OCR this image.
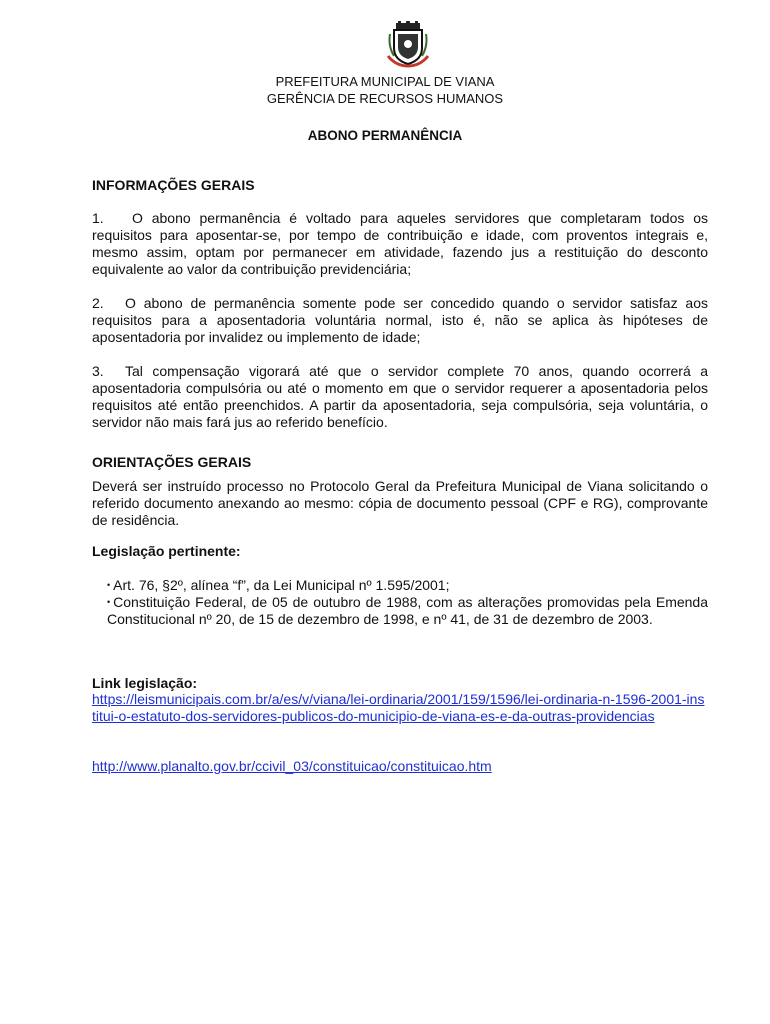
PREFEITURA MUNICIPAL DE VIANA
GERÊNCIA DE RECURSOS HUMANOS
ABONO PERMANÊNCIA
INFORMAÇÕES GERAIS

1. O abono permanência é voltado para aqueles servidores que completaram todos os requisitos para aposentar-se, por tempo de contribuição e idade, com proventos integrais e, mesmo assim, optam por permanecer em atividade, fazendo jus a restituição do desconto equivalente ao valor da contribuição previdenciária;

2. O abono de permanência somente pode ser concedido quando o servidor satisfaz aos requisitos para a aposentadoria voluntária normal, isto é, não se aplica às hipóteses de aposentadoria por invalidez ou implemento de idade;

3. Tal compensação vigorará até que o servidor complete 70 anos, quando ocorrerá a aposentadoria compulsória ou até o momento em que o servidor requerer a aposentadoria pelos requisitos até então preenchidos. A partir da aposentadoria, seja compulsória, seja voluntária, o servidor não mais fará jus ao referido benefício.

ORIENTAÇÕES GERAIS

Deverá ser instruído processo no Protocolo Geral da Prefeitura Municipal de Viana solicitando o referido documento anexando ao mesmo: cópia de documento pessoal (CPF e RG), comprovante de residência.

Legislação pertinente:
• Art. 76, §2º, alínea “f”, da Lei Municipal nº 1.595/2001;
• Constituição Federal, de 05 de outubro de 1988, com as alterações promovidas pela Emenda Constitucional nº 20, de 15 de dezembro de 1998, e nº 41, de 31 de dezembro de 2003.
Link legislação:
https://leismunicipais.com.br/a/es/v/viana/lei-ordinaria/2001/159/1596/lei-ordinaria-n-1596-2001-institui-o-estatuto-dos-servidores-publicos-do-municipio-de-viana-es-e-da-outras-providencias
http://www.planalto.gov.br/ccivil_03/constituicao/constituicao.htm
